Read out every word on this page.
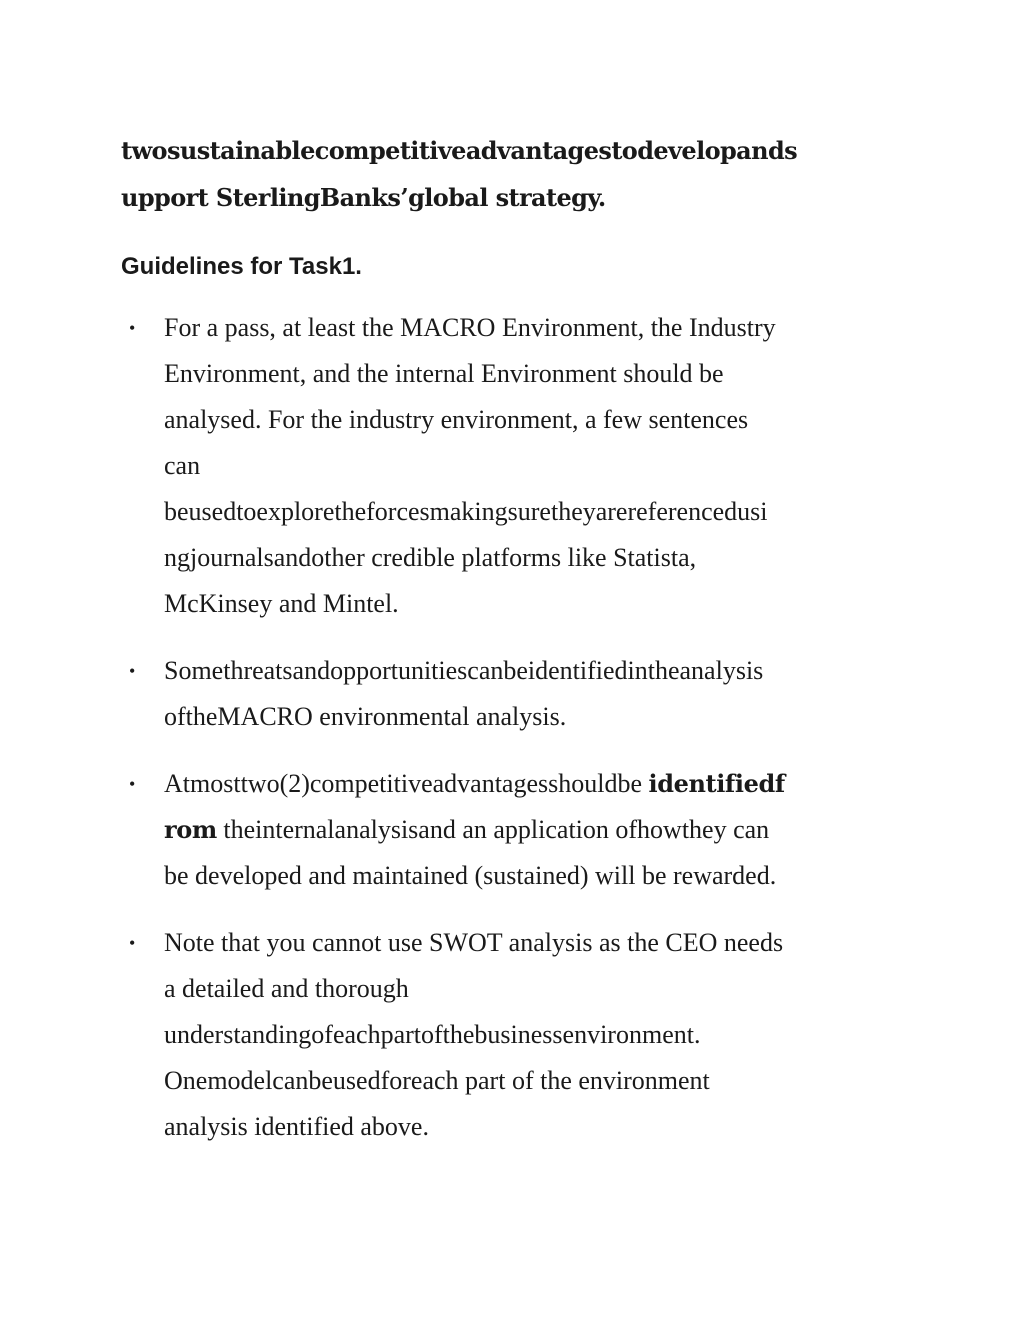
twosustainablecompetitiveadvantagestodevelopands
upport SterlingBanks’global strategy.

Guidelines for Task1.
• For a pass, at least the MACRO Environment, the Industry
Environment, and the internal Environment should be
analysed. For the industry environment, a few sentences
can
beusedtoexploretheforcesmakingsuretheyarereferencedusi
ngjournalsandother credible platforms like Statista,
McKinsey and Mintel.
• Somethreatsandopportunitiescanbeidentifiedintheanalysis
oftheMACRO environmental analysis.
• Atmosttwo(2)competitiveadvantagesshouldbe identifiedf
rom theinternalanalysisand an application ofhowthey can
be developed and maintained (sustained) will be rewarded.
• Note that you cannot use SWOT analysis as the CEO needs
a detailed and thorough
understandingofeachpartofthebusinessenvironment.
Onemodelcanbeusedforeach part of the environment
analysis identified above.
